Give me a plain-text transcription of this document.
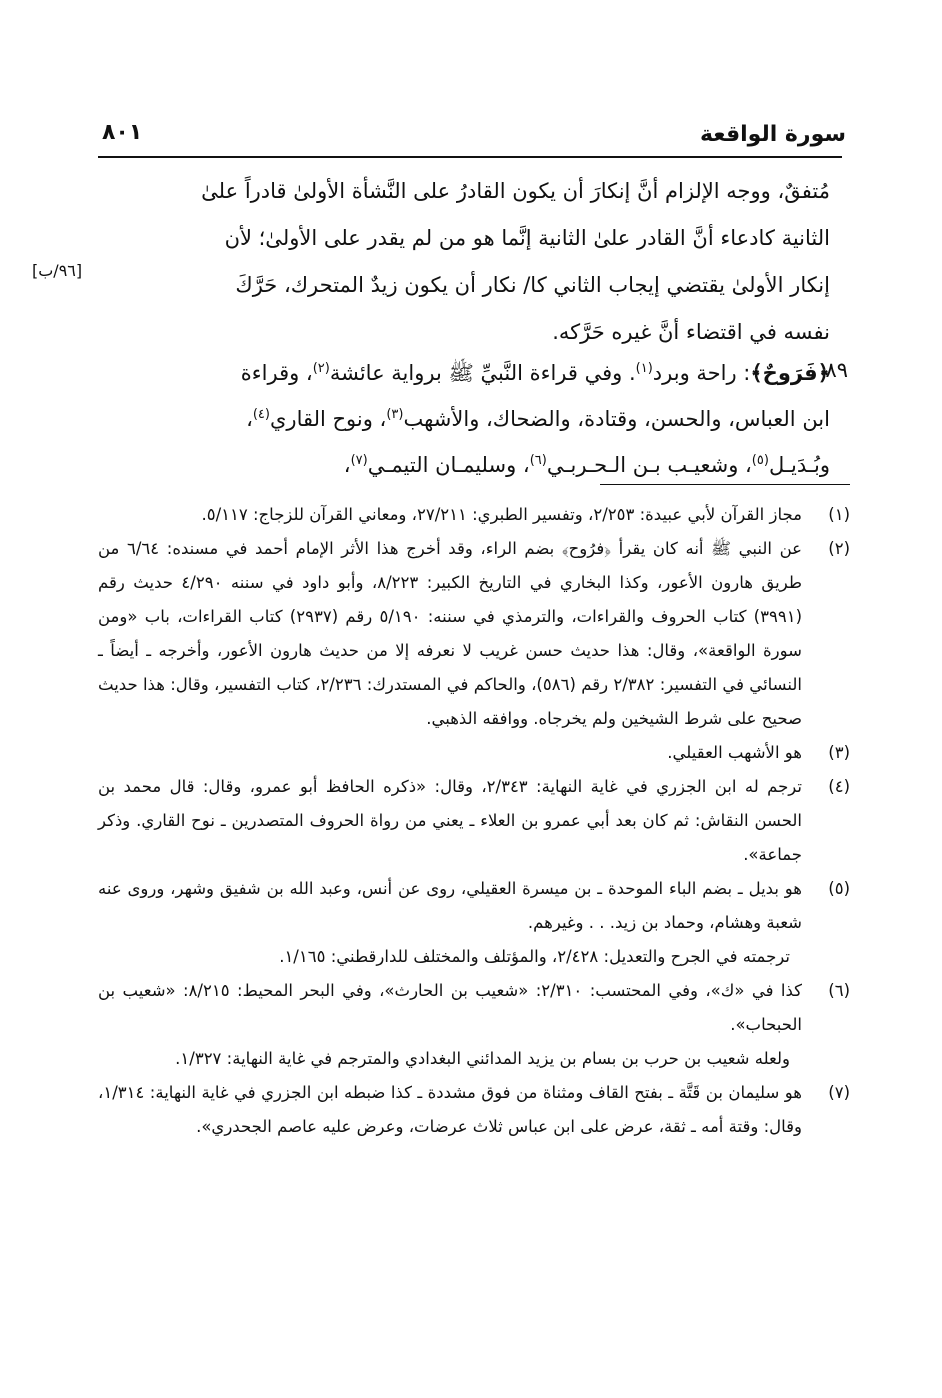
سورة الواقعة
٨٠١

مُتفقٌ، ووجه الإلزام أنَّ إنكارَ أن يكون القادرُ على النَّشأة الأولىٰ قادراً علىٰ

الثانية كادعاء أنَّ القادر علىٰ الثانية إنَّما هو من لم يقدر على الأولىٰ؛ لأن

إنكار الأولىٰ يقتضي إيجاب الثاني كا/ نكار أن يكون زيدٌ المتحرك، حَرَّكَ

نفسه في اقتضاء أنَّ غيره حَرَّكه.

[٩٦/ب]
٨٩

﴿فَرَوحٌ﴾: راحة وبرد$^{(١)}$. وفي قراءة النَّبيِّ ﷺ برواية عائشة$^{(٢)}$، وقراءة

ابن العباس، والحسن، وقتادة، والضحاك، والأشهب$^{(٣)}$، ونوح القاري$^{(٤)}$،

وبُـدَيـل$^{(٥)}$، وشعيـب بـن الـحـربـي$^{(٦)}$، وسليمـان التيمـي$^{(٧)}$،

(١)

مجاز القرآن لأبي عبيدة: ٢/٢٥٣، وتفسير الطبري: ٢٧/٢١١، ومعاني القرآن للزجاج: ٥/١١٧.

(٢)

عن النبي ﷺ أنه كان يقرأ ﴿فرُوح﴾ بضم الراء، وقد أخرج هذا الأثر الإمام أحمد في مسنده: ٦/٦٤ من طريق هارون الأعور، وكذا البخاري في التاريخ الكبير: ٨/٢٢٣، وأبو داود في سننه ٤/٢٩٠ حديث رقم (٣٩٩١) كتاب الحروف والقراءات، والترمذي في سننه: ٥/١٩٠ رقم (٢٩٣٧) كتاب القراءات، باب «ومن سورة الواقعة»، وقال: هذا حديث حسن غريب لا نعرفه إلا من حديث هارون الأعور، وأخرجه ـ أيضاً ـ النسائي في التفسير: ٢/٣٨٢ رقم (٥٨٦)، والحاكم في المستدرك: ٢/٢٣٦، كتاب التفسير، وقال: هذا حديث صحيح على شرط الشيخين ولم يخرجاه. ووافقه الذهبي.

(٣)

هو الأشهب العقيلي.

(٤)

ترجم له ابن الجزري في غاية النهاية: ٢/٣٤٣، وقال: «ذكره الحافظ أبو عمرو، وقال: قال محمد بن الحسن النقاش: ثم كان بعد أبي عمرو بن العلاء ـ يعني من رواة الحروف المتصدرين ـ نوح القاري. وذكر جماعة».

(٥)

هو بديل ـ بضم الباء الموحدة ـ بن ميسرة العقيلي، روى عن أنس، وعبد الله بن شفيق وشهر، وروى عنه شعبة وهشام، وحماد بن زيد. . . وغيرهم.

ترجمته في الجرح والتعديل: ٢/٤٢٨، والمؤتلف والمختلف للدارقطني: ١/١٦٥.
(٦)

كذا في «ك»، وفي المحتسب: ٢/٣١٠: «شعيب بن الحارث»، وفي البحر المحيط: ٨/٢١٥: «شعيب بن الحبحاب».

ولعله شعيب بن حرب بن بسام بن يزيد المدائني البغدادي والمترجم في غاية النهاية: ١/٣٢٧.
(٧)

هو سليمان بن قَتَّة ـ بفتح القاف ومثناة من فوق مشددة ـ كذا ضبطه ابن الجزري في غاية النهاية: ١/٣١٤، وقال: وقتة أمه ـ ثقة، عرض على ابن عباس ثلاث عرضات، وعرض عليه عاصم الجحدري».
